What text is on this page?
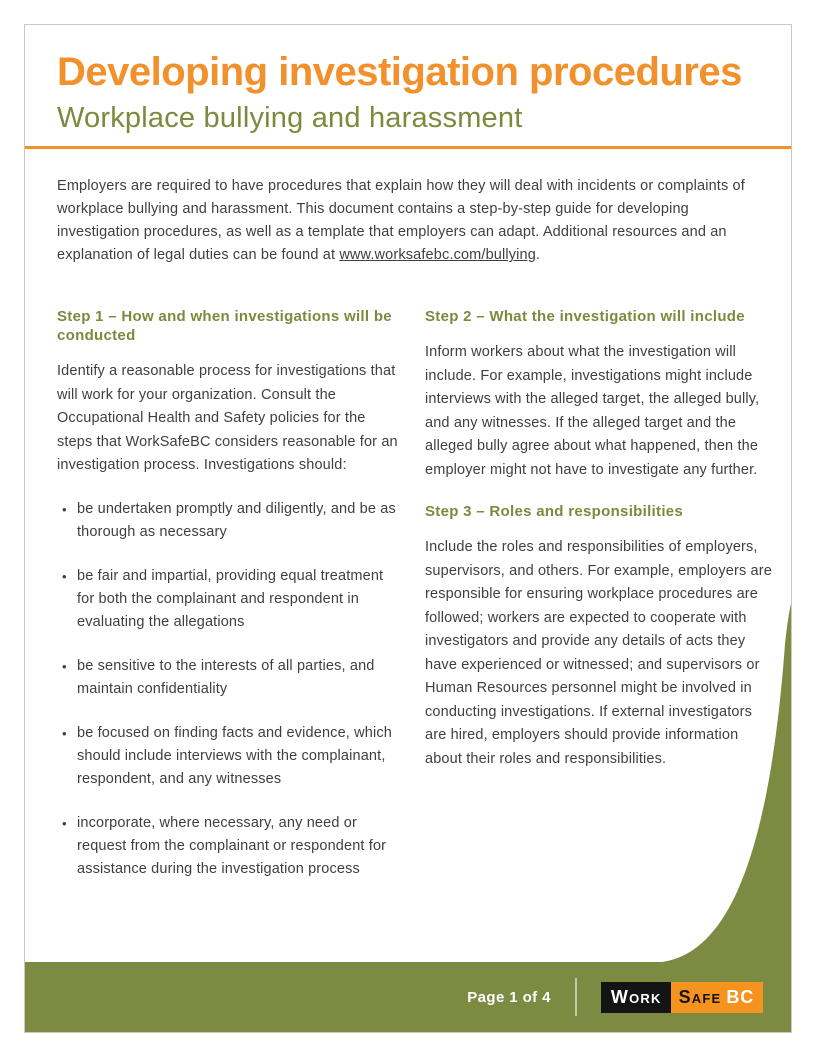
Developing investigation procedures
Workplace bullying and harassment

Employers are required to have procedures that explain how they will deal with incidents or complaints of workplace bullying and harassment. This document contains a step-by-step guide for developing investigation procedures, as well as a template that employers can adapt. Additional resources and an explanation of legal duties can be found at www.worksafebc.com/bullying.

Step 1 – How and when investigations will be conducted

Identify a reasonable process for investigations that will work for your organization. Consult the Occupational Health and Safety policies for the steps that WorkSafeBC considers reasonable for an investigation process. Investigations should:

• be undertaken promptly and diligently, and be as thorough as necessary
• be fair and impartial, providing equal treatment for both the complainant and respondent in evaluating the allegations
• be sensitive to the interests of all parties, and maintain confidentiality
• be focused on finding facts and evidence, which should include interviews with the complainant, respondent, and any witnesses
• incorporate, where necessary, any need or request from the complainant or respondent for assistance during the investigation process
Step 2 – What the investigation will include

Inform workers about what the investigation will include. For example, investigations might include interviews with the alleged target, the alleged bully, and any witnesses. If the alleged target and the alleged bully agree about what happened, then the employer might not have to investigate any further.

Step 3 – Roles and responsibilities

Include the roles and responsibilities of employers, supervisors, and others. For example, employers are responsible for ensuring workplace procedures are followed; workers are expected to cooperate with investigators and provide any details of acts they have experienced or witnessed; and supervisors or Human Resources personnel might be involved in conducting investigations. If external investigators are hired, employers should provide information about their roles and responsibilities.

Page 1 of 4	Work Safe BC
